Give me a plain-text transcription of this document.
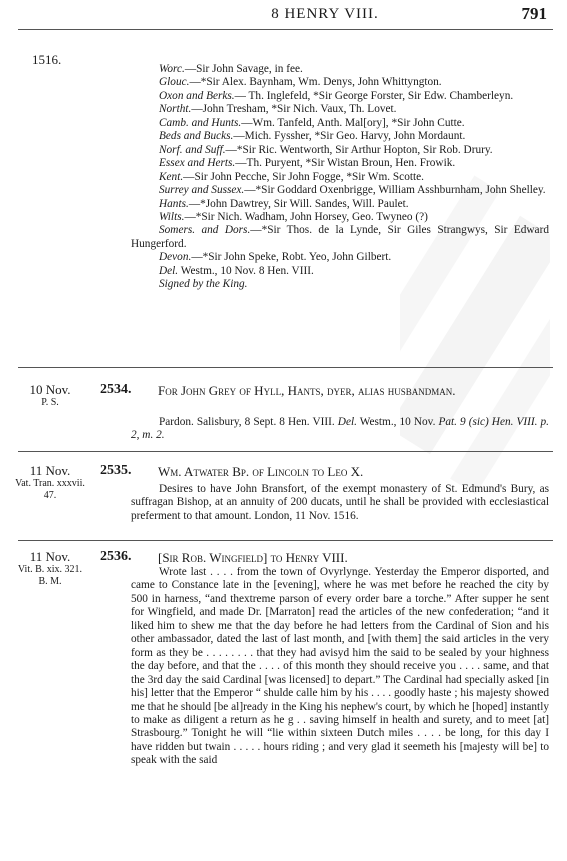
8 HENRY VIII.	791
1516.

Worc.—Sir John Savage, in fee.

Glouc.—*Sir Alex. Baynham, Wm. Denys, John Whittyngton.

Oxon and Berks.— Th. Inglefeld, *Sir George Forster, Sir Edw. Chamberleyn.

Northt.—John Tresham, *Sir Nich. Vaux, Th. Lovet.

Camb. and Hunts.—Wm. Tanfeld, Anth. Mal[ory], *Sir John Cutte.

Beds and Bucks.—Mich. Fyssher, *Sir Geo. Harvy, John Mordaunt.

Norf. and Suff.—*Sir Ric. Wentworth, Sir Arthur Hopton, Sir Rob. Drury.

Essex and Herts.—Th. Puryent, *Sir Wistan Broun, Hen. Frowik.

Kent.—Sir John Pecche, Sir John Fogge, *Sir Wm. Scotte.

Surrey and Sussex.—*Sir Goddard Oxenbrigge, William Asshburnham, John Shelley.

Hants.—*John Dawtrey, Sir Will. Sandes, Will. Paulet.

Wilts.—*Sir Nich. Wadham, John Horsey, Geo. Twyneo (?)

Somers. and Dors.—*Sir Thos. de la Lynde, Sir Giles Strangwys, Sir Edward Hungerford.

Devon.—*Sir John Speke, Robt. Yeo, John Gilbert.

Del. Westm., 10 Nov. 8 Hen. VIII.

Signed by the King.

10 Nov.
P. S.
2534. For John Grey of Hyll, Hants, dyer, alias husbandman.

Pardon. Salisbury, 8 Sept. 8 Hen. VIII. Del. Westm., 10 Nov. Pat. 9 (sic) Hen. VIII. p. 2, m. 2.

11 Nov.
Vat. Tran. xxxvii.
47.
2535. Wm. Atwater Bp. of Lincoln to Leo X.

Desires to have John Bransfort, of the exempt monastery of St. Edmund's Bury, as suffragan Bishop, at an annuity of 200 ducats, until he shall be provided with ecclesiastical preferment to that amount. London, 11 Nov. 1516.

11 Nov.
Vit. B. xix. 321.
B. M.
2536. [Sir Rob. Wingfield] to Henry VIII.

Wrote last . . . . from the town of Ovyrlynge. Yesterday the Emperor disported, and came to Constance late in the [evening], where he was met before he reached the city by 500 in harness, “and thextreme parson of every order bare a torche.” After supper he sent for Wingfield, and made Dr. [Marraton] read the articles of the new confederation; “and it liked him to shew me that the day before he had letters from the Cardinal of Sion and his other ambassador, dated the last of last month, and [with them] the said articles in the very form as they be . . . . . . . . that they had avisyd him the said to be sealed by your highness the day before, and that the . . . . of this month they should receive you . . . . same, and that the 3rd day the said Cardinal [was licensed] to depart.” The Cardinal had specially asked [in his] letter that the Emperor “ shulde calle him by his . . . . goodly haste ; his majesty showed me that he should [be al]ready in the King his nephew's court, by which he [hoped] instantly to make as diligent a return as he g . . saving himself in health and surety, and to meet [at] Strasbourg.” Tonight he will “lie within sixteen Dutch miles . . . . be long, for this day I have ridden but twain . . . . . hours riding ; and very glad it seemeth his [majesty will be] to speak with the said
